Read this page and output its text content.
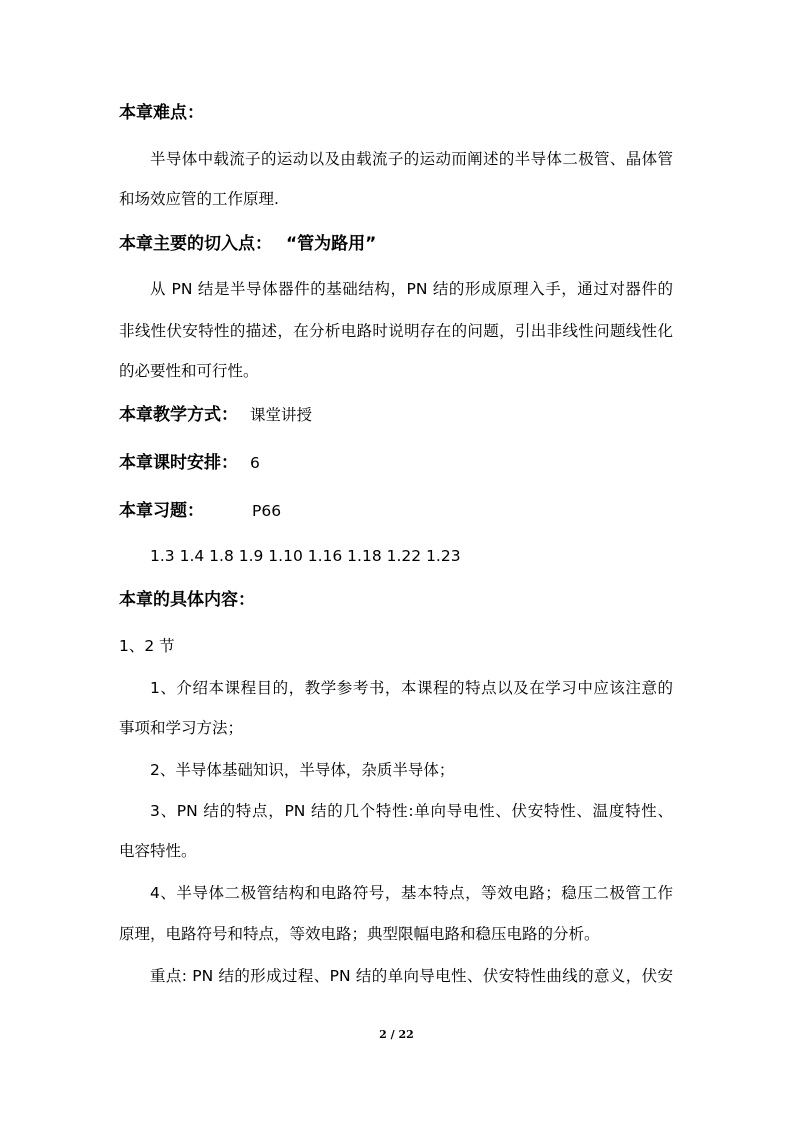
本章难点：
半导体中载流子的运动以及由载流子的运动而阐述的半导体二极管、晶体管
和场效应管的工作原理.
本章主要的切入点： “管为路用”
从 PN 结是半导体器件的基础结构，PN 结的形成原理入手，通过对器件的
非线性伏安特性的描述，在分析电路时说明存在的问题，引出非线性问题线性化
的必要性和可行性。
本章教学方式： 课堂讲授
本章课时安排： 6
本章习题：	P66
1.3 1.4 1.8 1.9 1.10 1.16 1.18 1.22 1.23
本章的具体内容：
1、2 节
1、介绍本课程目的，教学参考书，本课程的特点以及在学习中应该注意的
事项和学习方法；
2、半导体基础知识，半导体，杂质半导体；
3、PN 结的特点，PN 结的几个特性:单向导电性、伏安特性、温度特性、
电容特性。
4、半导体二极管结构和电路符号，基本特点，等效电路；稳压二极管工作
原理，电路符号和特点，等效电路；典型限幅电路和稳压电路的分析。
重点: PN 结的形成过程、PN 结的单向导电性、伏安特性曲线的意义，伏安
2 / 22
